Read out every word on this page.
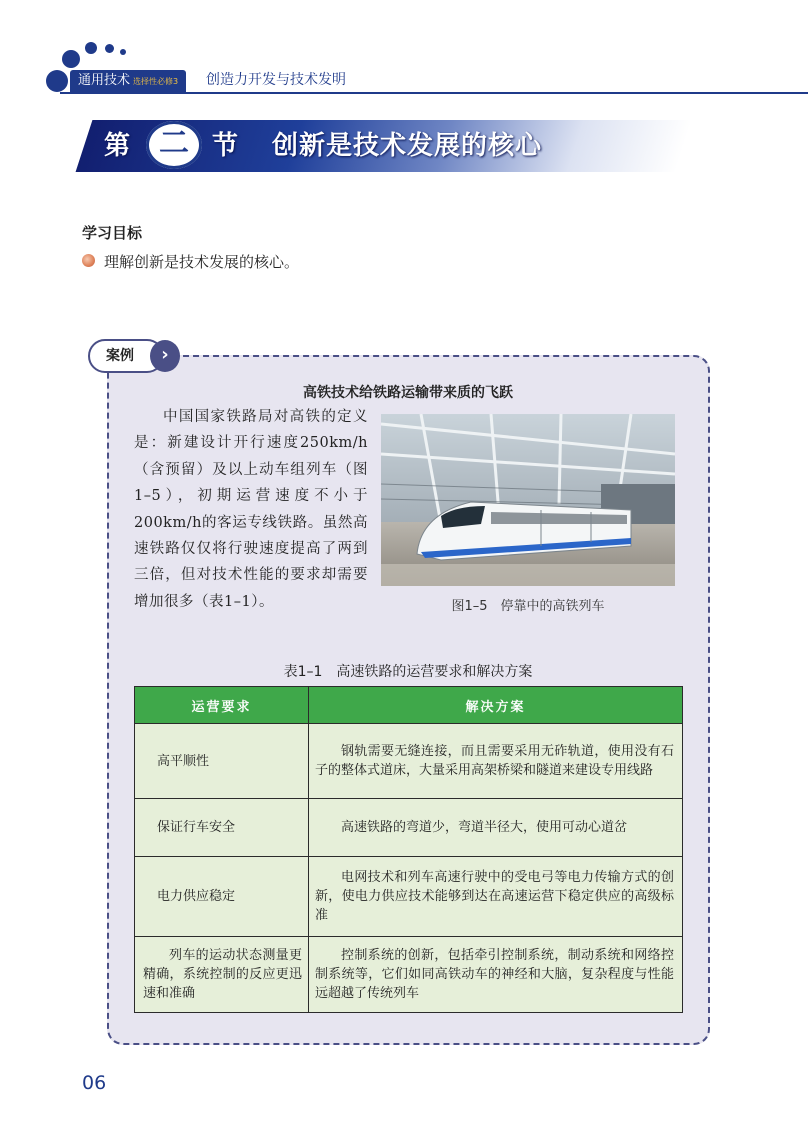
通用技术 选择性必修3	创造力开发与技术发明
第 二 节 创新是技术发展的核心
学习目标
理解创新是技术发展的核心。
案例	›
高铁技术给铁路运输带来质的飞跃
中国国家铁路局对高铁的定义是：新建设计开行速度250km/h（含预留）及以上动车组列车（图1–5），初期运营速度不小于200km/h的客运专线铁路。虽然高速铁路仅仅将行驶速度提高了两到三倍，但对技术性能的要求却需要增加很多（表1–1）。	图1–5　停靠中的高铁列车
表1–1　高速铁路的运营要求和解决方案
运营要求	解决方案
高平顺性	钢轨需要无缝连接，而且需要采用无砟轨道，使用没有石子的整体式道床，大量采用高架桥梁和隧道来建设专用线路
保证行车安全	高速铁路的弯道少，弯道半径大，使用可动心道岔
电力供应稳定	电网技术和列车高速行驶中的受电弓等电力传输方式的创新，使电力供应技术能够到达在高速运营下稳定供应的高级标准
列车的运动状态测量更精确，系统控制的反应更迅速和准确	控制系统的创新，包括牵引控制系统，制动系统和网络控制系统等，它们如同高铁动车的神经和大脑，复杂程度与性能远超越了传统列车
06
